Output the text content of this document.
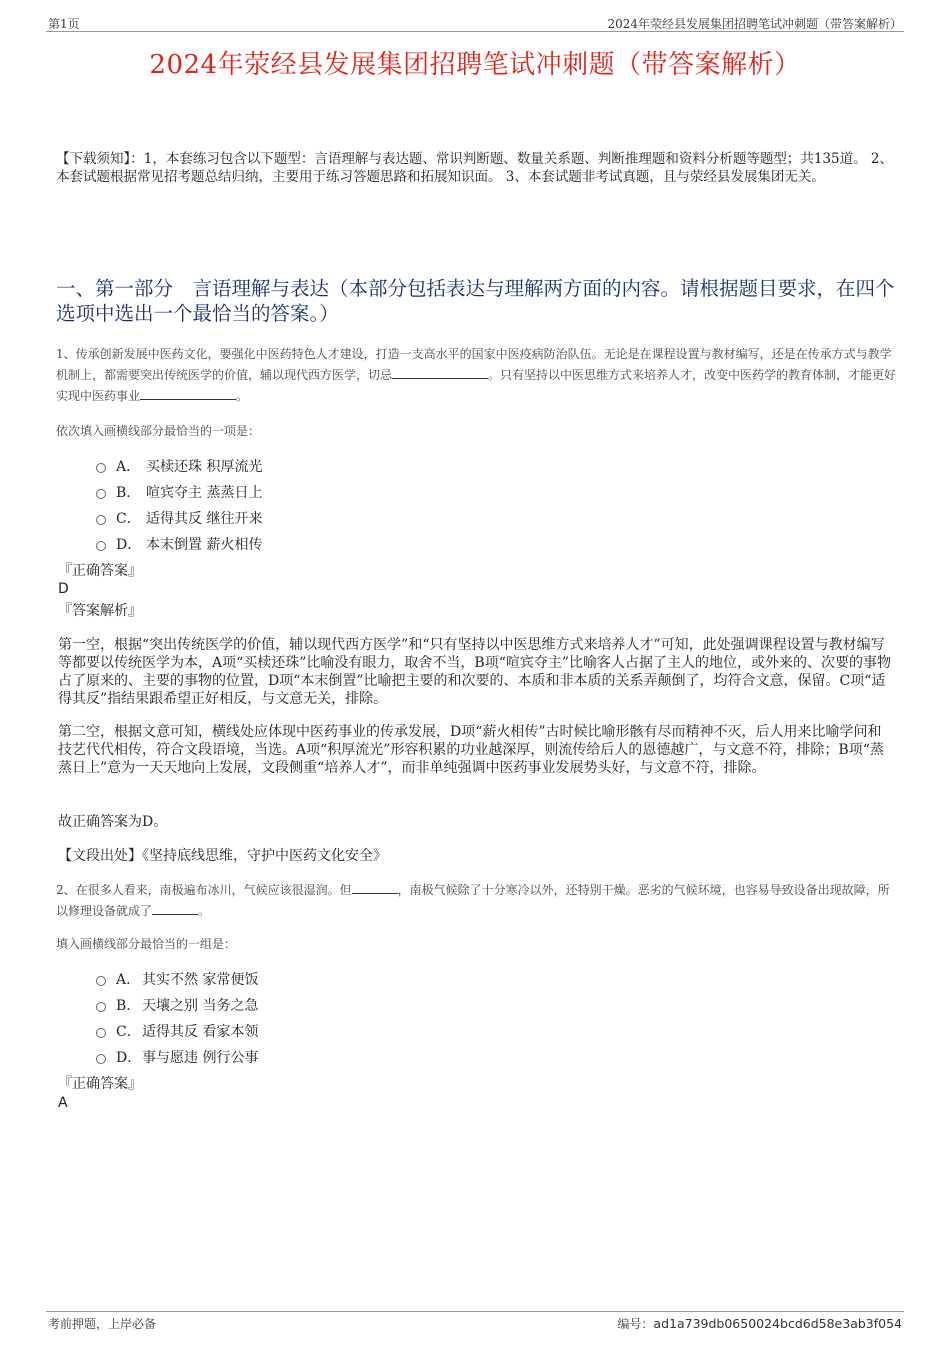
第1页	2024年荥经县发展集团招聘笔试冲刺题（带答案解析）
2024年荥经县发展集团招聘笔试冲刺题（带答案解析）
【下载须知】：1，本套练习包含以下题型：言语理解与表达题、常识判断题、数量关系题、判断推理题和资料分析题等题型；共135道。 2、本套试题根据常见招考题总结归纳，主要用于练习答题思路和拓展知识面。 3、本套试题非考试真题，且与荥经县发展集团无关。
一、第一部分　言语理解与表达（本部分包括表达与理解两方面的内容。请根据题目要求，在四个选项中选出一个最恰当的答案。）
1、传承创新发展中医药文化，要强化中医药特色人才建设，打造一支高水平的国家中医疫病防治队伍。无论是在课程设置与教材编写，还是在传承方式与教学机制上，都需要突出传统医学的价值，辅以现代西方医学，切忌	。只有坚持以中医思维方式来培养人才，改变中医药学的教育体制，才能更好实现中医药事业	。
依次填入画横线部分最恰当的一项是：
A． 买椟还珠 积厚流光
B． 喧宾夺主 蒸蒸日上
C． 适得其反 继往开来
D． 本末倒置 薪火相传
『正确答案』
D
『答案解析』
第一空，根据“突出传统医学的价值，辅以现代西方医学”和“只有坚持以中医思维方式来培养人才”可知，此处强调课程设置与教材编写等都要以传统医学为本，A项“买椟还珠”比喻没有眼力，取舍不当，B项“喧宾夺主”比喻客人占据了主人的地位，或外来的、次要的事物占了原来的、主要的事物的位置，D项“本末倒置”比喻把主要的和次要的、本质和非本质的关系弄颠倒了，均符合文意，保留。C项“适得其反”指结果跟希望正好相反，与文意无关，排除。
第二空，根据文意可知，横线处应体现中医药事业的传承发展，D项“薪火相传”古时候比喻形骸有尽而精神不灭，后人用来比喻学问和技艺代代相传，符合文段语境，当选。A项“积厚流光”形容积累的功业越深厚，则流传给后人的恩德越广，与文意不符，排除；B项“蒸蒸日上”意为一天天地向上发展，文段侧重“培养人才”，而非单纯强调中医药事业发展势头好，与文意不符，排除。
故正确答案为D。
【文段出处】《坚持底线思维，守护中医药文化安全》
2、在很多人看来，南极遍布冰川，气候应该很湿润。但	，南极气候除了十分寒冷以外，还特别干燥。恶劣的气候环境，也容易导致设备出现故障，所以修理设备就成了	。
填入画横线部分最恰当的一组是：
A． 其实不然 家常便饭
B． 天壤之别 当务之急
C． 适得其反 看家本领
D． 事与愿违 例行公事
『正确答案』
A
考前押题，上岸必备	编号：ad1a739db0650024bcd6d58e3ab3f054
